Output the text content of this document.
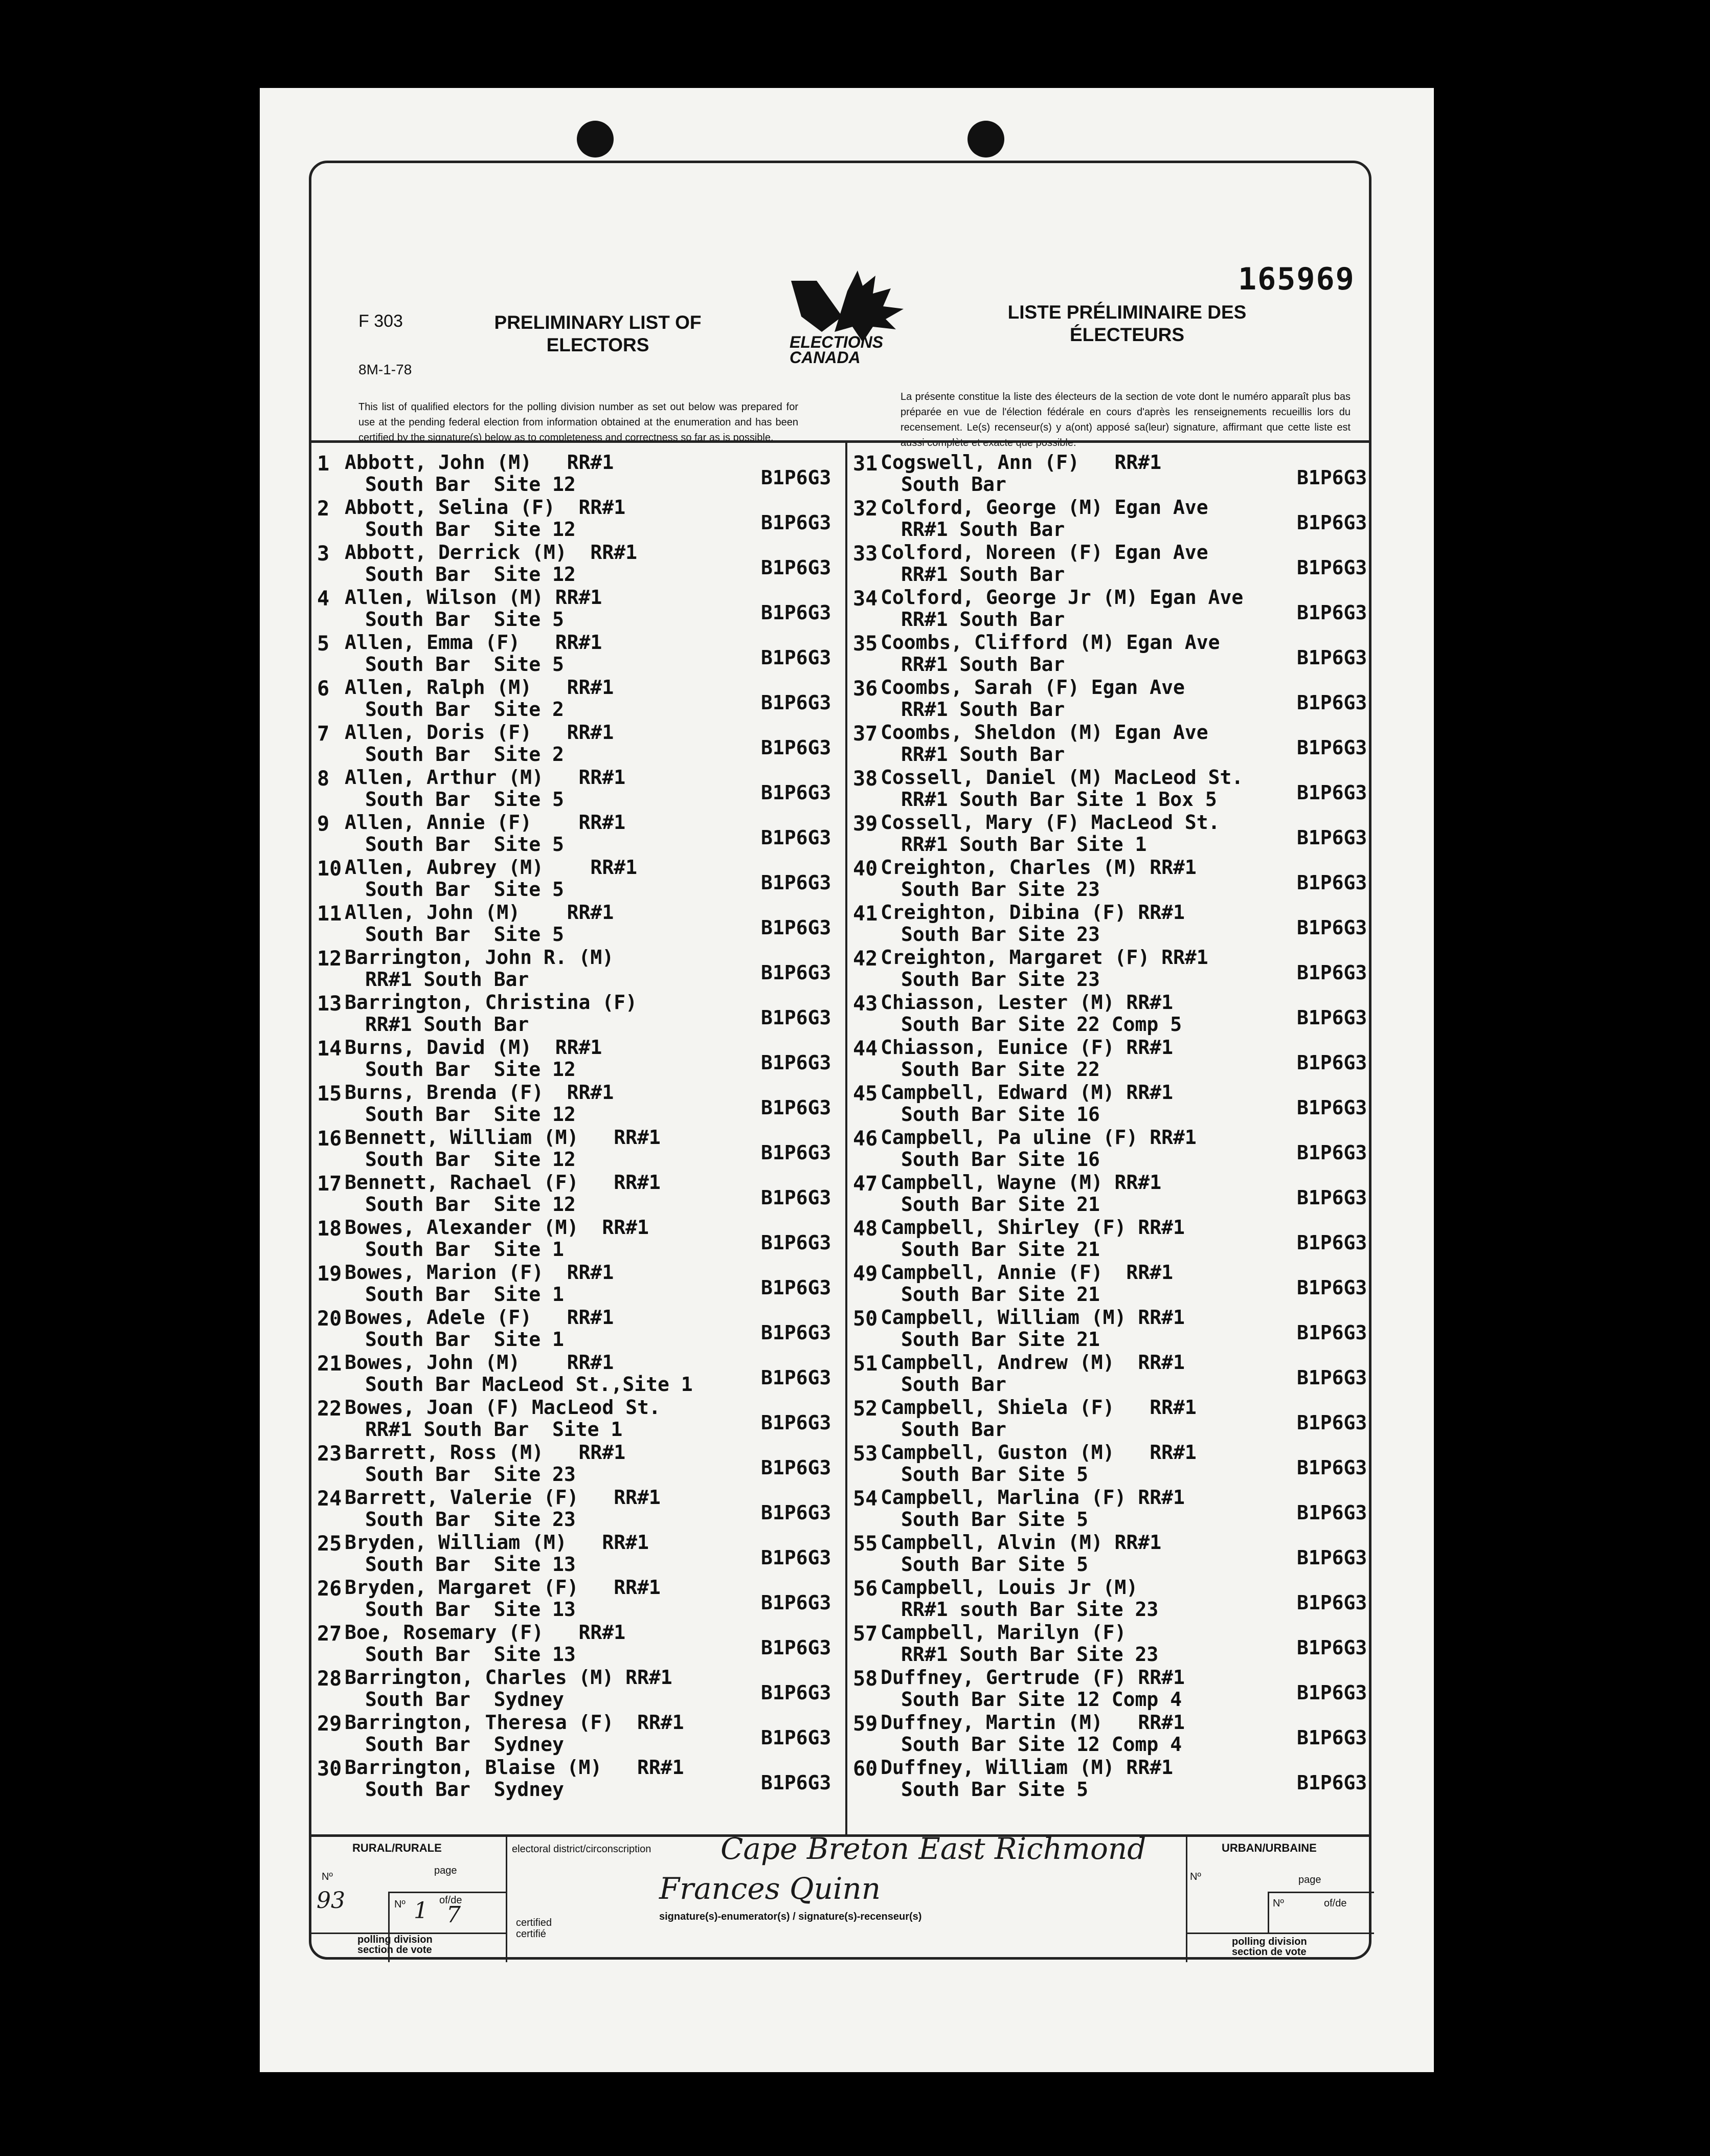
F 303
8M-1-78
PRELIMINARY LIST OF ELECTORS
LISTE PRÉLIMINAIRE DES ÉLECTEURS
165969
ELECTIONS CANADA
This list of qualified electors for the polling division number as set out below was prepared for use at the pending federal election from information obtained at the enumeration and has been certified by the signature(s) below as to completeness and correctness so far as is possible.
La présente constitue la liste des électeurs de la section de vote dont le numéro apparaît plus bas préparée en vue de l'élection fédérale en cours d'après les renseignements recueillis lors du recensement. Le(s) recenseur(s) y a(ont) apposé sa(leur) signature, affirmant que cette liste est aussi complète et exacte que possible.
RURAL/RURALE
Nº
page
93	Nº 1 of/de
7
polling division section de vote
certified certifié
electoral district/circonscription Cape Breton East Richmond
Frances Quinn
signature(s)-enumerator(s) / signature(s)-recenseur(s)
URBAN/URBAINE
Nº	page
Nº	of/de
polling division section de vote
1 Abbott, John (M)   RR#1
South Bar  Site 12	B1P6G3
2 Abbott, Selina (F)  RR#1
South Bar  Site 12	B1P6G3
3 Abbott, Derrick (M)  RR#1
South Bar  Site 12	B1P6G3
4 Allen, Wilson (M) RR#1
South Bar  Site 5	B1P6G3
5 Allen, Emma (F)   RR#1
South Bar  Site 5	B1P6G3
6 Allen, Ralph (M)   RR#1
South Bar  Site 2	B1P6G3
7 Allen, Doris (F)   RR#1
South Bar  Site 2	B1P6G3
8 Allen, Arthur (M)   RR#1
South Bar  Site 5	B1P6G3
9 Allen, Annie (F)    RR#1
South Bar  Site 5	B1P6G3
10 Allen, Aubrey (M)    RR#1
South Bar  Site 5	B1P6G3
11 Allen, John (M)    RR#1
South Bar  Site 5	B1P6G3
12 Barrington, John R. (M)
RR#1 South Bar	B1P6G3
13 Barrington, Christina (F)
RR#1 South Bar	B1P6G3
14 Burns, David (M)  RR#1
South Bar  Site 12	B1P6G3
15 Burns, Brenda (F)  RR#1
South Bar  Site 12	B1P6G3
16 Bennett, William (M)   RR#1
South Bar  Site 12	B1P6G3
17 Bennett, Rachael (F)   RR#1
South Bar  Site 12	B1P6G3
18 Bowes, Alexander (M)  RR#1
South Bar  Site 1	B1P6G3
19 Bowes, Marion (F)  RR#1
South Bar  Site 1	B1P6G3
20 Bowes, Adele (F)   RR#1
South Bar  Site 1	B1P6G3
21 Bowes, John (M)    RR#1
South Bar MacLeod St.,Site 1	B1P6G3
22 Bowes, Joan (F) MacLeod St.
RR#1 South Bar  Site 1	B1P6G3
23 Barrett, Ross (M)   RR#1
South Bar  Site 23	B1P6G3
24 Barrett, Valerie (F)   RR#1
South Bar  Site 23	B1P6G3
25 Bryden, William (M)   RR#1
South Bar  Site 13	B1P6G3
26 Bryden, Margaret (F)   RR#1
South Bar  Site 13	B1P6G3
27 Boe, Rosemary (F)   RR#1
South Bar  Site 13	B1P6G3
28 Barrington, Charles (M) RR#1
South Bar  Sydney	B1P6G3
29 Barrington, Theresa (F)  RR#1
South Bar  Sydney	B1P6G3
30 Barrington, Blaise (M)   RR#1
South Bar  Sydney	B1P6G3
31 Cogswell, Ann (F)   RR#1
South Bar	B1P6G3
32 Colford, George (M) Egan Ave
RR#1 South Bar	B1P6G3
33 Colford, Noreen (F) Egan Ave
RR#1 South Bar	B1P6G3
34 Colford, George Jr (M) Egan Ave
RR#1 South Bar	B1P6G3
35 Coombs, Clifford (M) Egan Ave
RR#1 South Bar	B1P6G3
36 Coombs, Sarah (F) Egan Ave
RR#1 South Bar	B1P6G3
37 Coombs, Sheldon (M) Egan Ave
RR#1 South Bar	B1P6G3
38 Cossell, Daniel (M) MacLeod St.
RR#1 South Bar Site 1 Box 5	B1P6G3
39 Cossell, Mary (F) MacLeod St.
RR#1 South Bar Site 1	B1P6G3
40 Creighton, Charles (M) RR#1
South Bar Site 23	B1P6G3
41 Creighton, Dibina (F) RR#1
South Bar Site 23	B1P6G3
42 Creighton, Margaret (F) RR#1
South Bar Site 23	B1P6G3
43 Chiasson, Lester (M) RR#1
South Bar Site 22 Comp 5	B1P6G3
44 Chiasson, Eunice (F) RR#1
South Bar Site 22	B1P6G3
45 Campbell, Edward (M) RR#1
South Bar Site 16	B1P6G3
46 Campbell, Pa uline (F) RR#1
South Bar Site 16	B1P6G3
47 Campbell, Wayne (M) RR#1
South Bar Site 21	B1P6G3
48 Campbell, Shirley (F) RR#1
South Bar Site 21	B1P6G3
49 Campbell, Annie (F)  RR#1
South Bar Site 21	B1P6G3
50 Campbell, William (M) RR#1
South Bar Site 21	B1P6G3
51 Campbell, Andrew (M)  RR#1
South Bar	B1P6G3
52 Campbell, Shiela (F)   RR#1
South Bar	B1P6G3
53 Campbell, Guston (M)   RR#1
South Bar Site 5	B1P6G3
54 Campbell, Marlina (F) RR#1
South Bar Site 5	B1P6G3
55 Campbell, Alvin (M) RR#1
South Bar Site 5	B1P6G3
56 Campbell, Louis Jr (M)
RR#1 south Bar Site 23	B1P6G3
57 Campbell, Marilyn (F)
RR#1 South Bar Site 23	B1P6G3
58 Duffney, Gertrude (F) RR#1
South Bar Site 12 Comp 4	B1P6G3
59 Duffney, Martin (M)   RR#1
South Bar Site 12 Comp 4	B1P6G3
60 Duffney, William (M) RR#1
South Bar Site 5	B1P6G3
